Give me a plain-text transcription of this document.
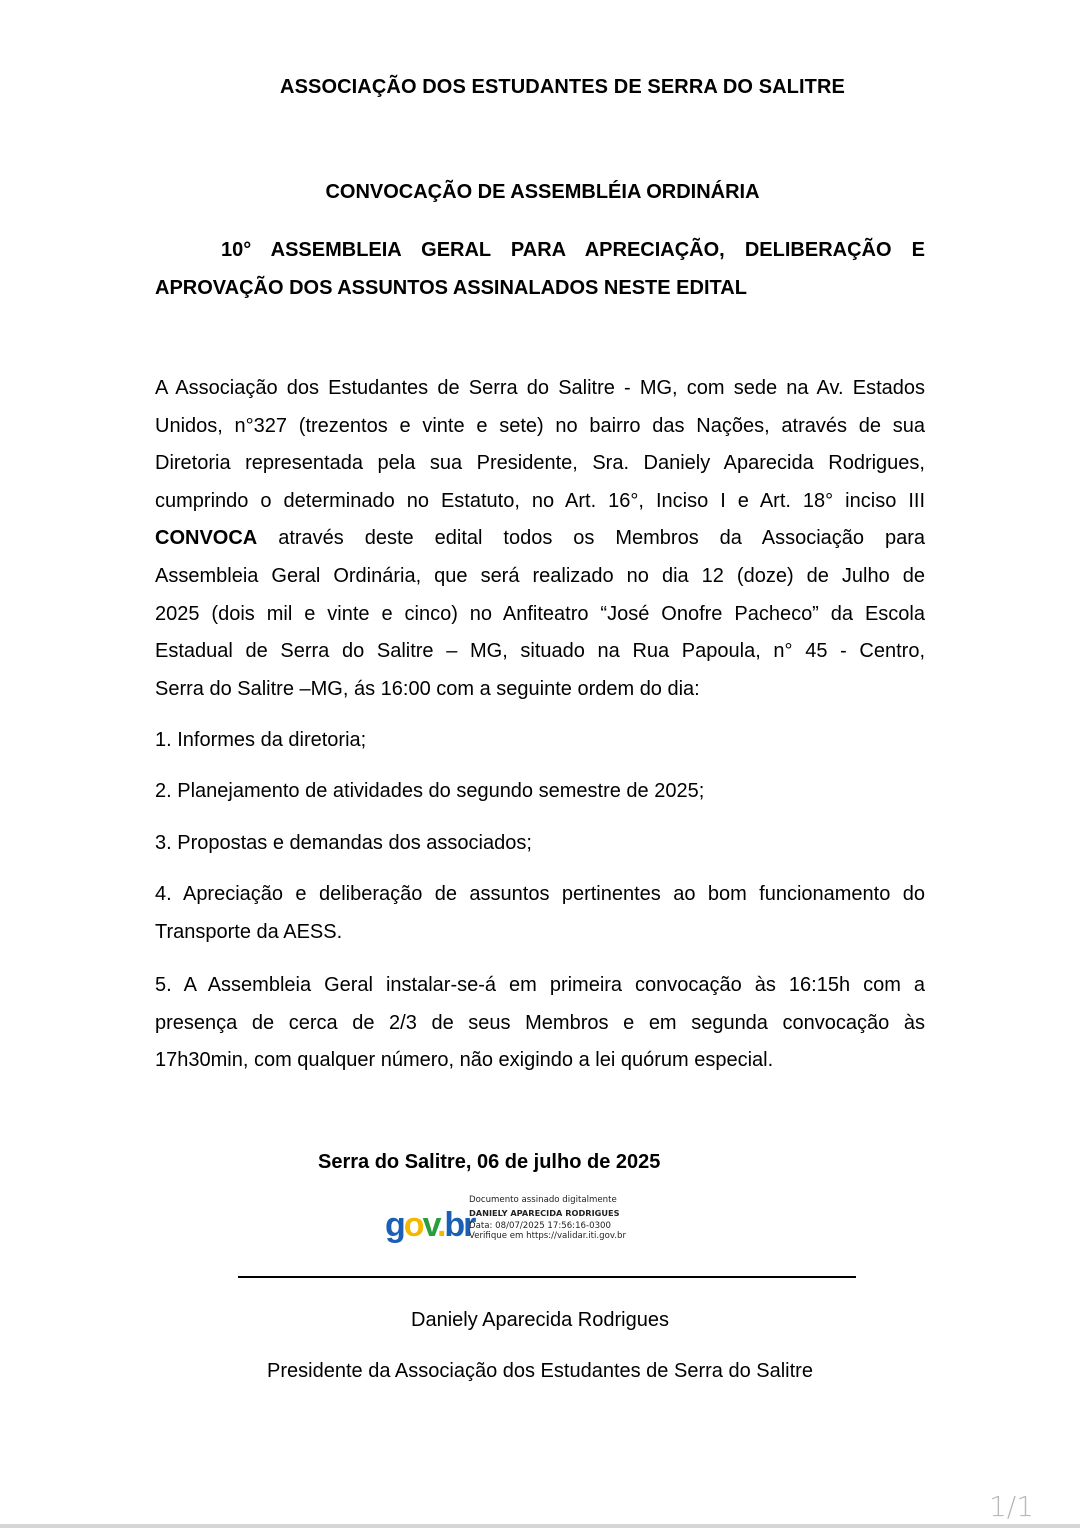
ASSOCIAÇÃO DOS ESTUDANTES DE SERRA DO SALITRE
CONVOCAÇÃO DE ASSEMBLÉIA ORDINÁRIA
10° ASSEMBLEIA GERAL PARA APRECIAÇÃO, DELIBERAÇÃO E
APROVAÇÃO DOS ASSUNTOS ASSINALADOS NESTE EDITAL
A Associação dos Estudantes de Serra do Salitre - MG, com sede na Av. Estados
Unidos, n°327 (trezentos e vinte e sete) no bairro das Nações, através de sua
Diretoria representada pela sua Presidente, Sra. Daniely Aparecida Rodrigues,
cumprindo o determinado no Estatuto, no Art. 16°, Inciso I e Art. 18° inciso III
CONVOCA através deste edital todos os Membros da Associação para
Assembleia Geral Ordinária, que será realizado no dia 12 (doze) de Julho de
2025 (dois mil e vinte e cinco) no Anfiteatro “José Onofre Pacheco” da Escola
Estadual de Serra do Salitre – MG, situado na Rua Papoula, n° 45 - Centro,
Serra do Salitre –MG, ás 16:00 com a seguinte ordem do dia:
1. Informes da diretoria;
2. Planejamento de atividades do segundo semestre de 2025;
3. Propostas e demandas dos associados;
4. Apreciação e deliberação de assuntos pertinentes ao bom funcionamento do
Transporte da AESS.
5. A Assembleia Geral instalar-se-á em primeira convocação às 16:15h com a
presença de cerca de 2/3 de seus Membros e em segunda convocação às
17h30min, com qualquer número, não exigindo a lei quórum especial.
Serra do Salitre, 06 de julho de 2025
gov.br
Documento assinado digitalmente
DANIELY APARECIDA RODRIGUES
Data: 08/07/2025 17:56:16-0300
Verifique em https://validar.iti.gov.br
Daniely Aparecida Rodrigues
Presidente da Associação dos Estudantes de Serra do Salitre
1/1
